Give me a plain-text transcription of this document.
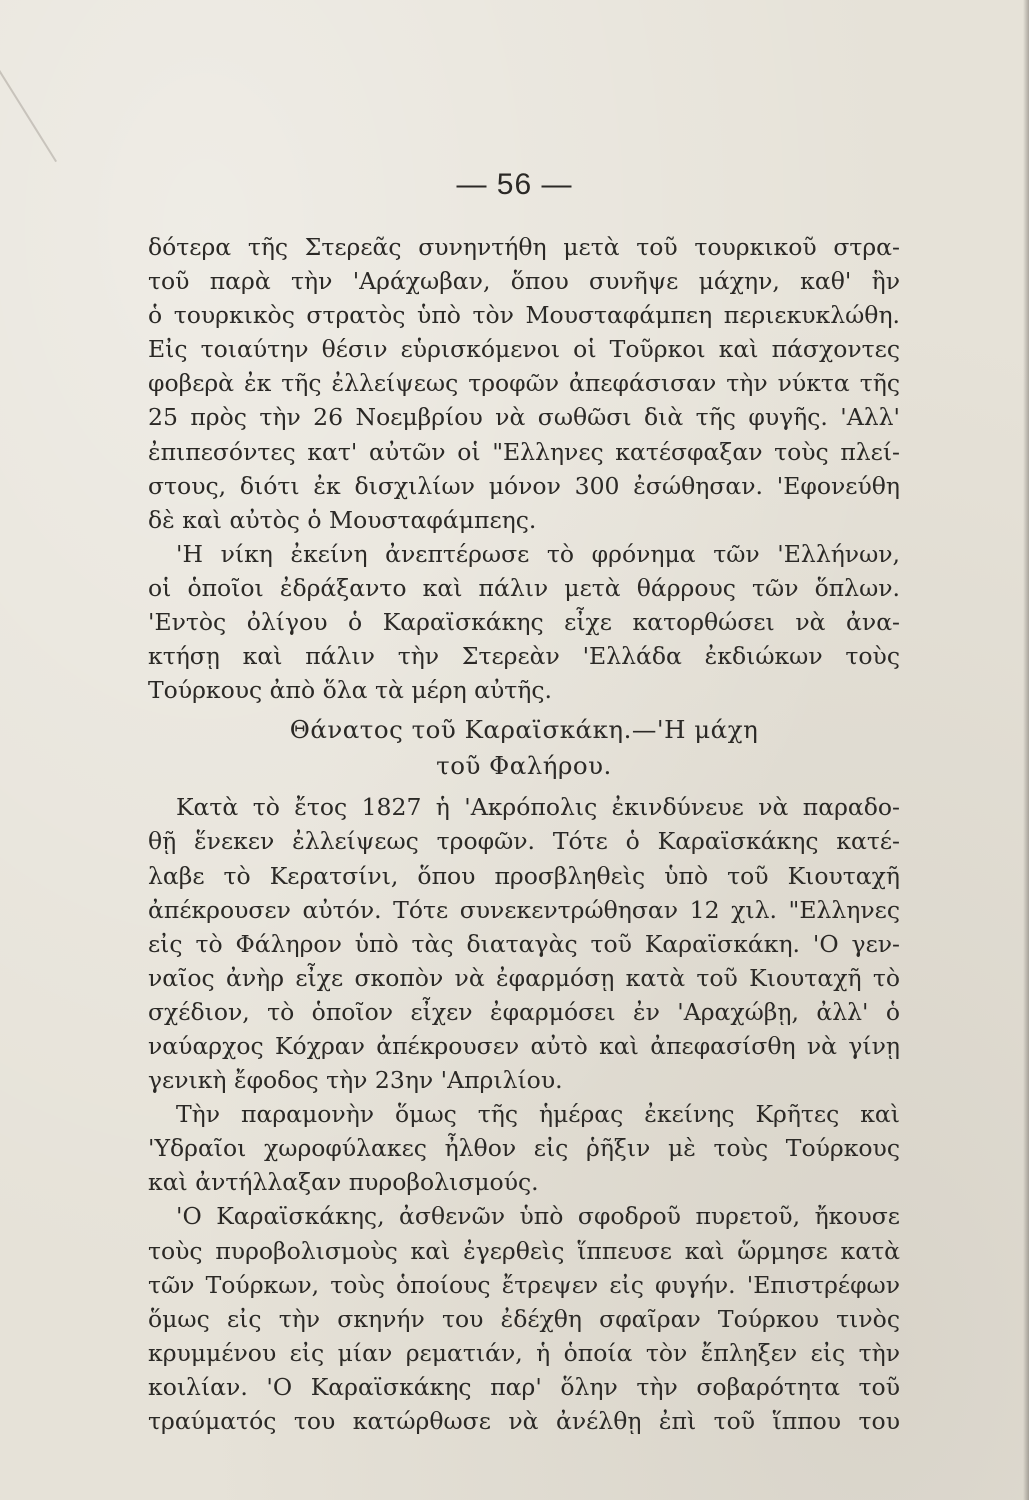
— 56 —
δότερα τῆς Στερεᾶς συνηντήθη μετὰ τοῦ τουρκικοῦ στρα-
τοῦ παρὰ τὴν 'Αράχωβαν, ὅπου συνῆψε μάχην, καθ' ἣν
ὁ τουρκικὸς στρατὸς ὑπὸ τὸν Μουσταφάμπεη περιεκυκλώθη.
Εἰς τοιαύτην θέσιν εὑρισκόμενοι οἱ Τοῦρκοι καὶ πάσχοντες
φοβερὰ ἐκ τῆς ἐλλείψεως τροφῶν ἀπεφάσισαν τὴν νύκτα τῆς
25 πρὸς τὴν 26 Νοεμβρίου νὰ σωθῶσι διὰ τῆς φυγῆς. 'Αλλ'
ἐπιπεσόντες κατ' αὐτῶν οἱ "Ελληνες κατέσφαξαν τοὺς πλεί-
στους, διότι ἐκ δισχιλίων μόνον 300 ἐσώθησαν. 'Εφονεύθη
δὲ καὶ αὐτὸς ὁ Μουσταφάμπεης.
'Η νίκη ἐκείνη ἀνεπτέρωσε τὸ φρόνημα τῶν 'Ελλήνων,
οἱ ὁποῖοι ἐδράξαντο καὶ πάλιν μετὰ θάρρους τῶν ὅπλων.
'Εντὸς ὀλίγου ὁ Καραϊσκάκης εἶχε κατορθώσει νὰ ἀνα-
κτήσῃ καὶ πάλιν τὴν Στερεὰν 'Ελλάδα ἐκδιώκων τοὺς
Τούρκους ἀπὸ ὅλα τὰ μέρη αὐτῆς.
Θάνατος τοῦ Καραϊσκάκη.—'Η μάχη
τοῦ Φαλήρου.
Κατὰ τὸ ἔτος 1827 ἡ 'Ακρόπολις ἐκινδύνευε νὰ παραδο-
θῇ ἕνεκεν ἐλλείψεως τροφῶν. Τότε ὁ Καραϊσκάκης κατέ-
λαβε τὸ Κερατσίνι, ὅπου προσβληθεὶς ὑπὸ τοῦ Κιουταχῆ
ἀπέκρουσεν αὐτόν. Τότε συνεκεντρώθησαν 12 χιλ. "Ελληνες
εἰς τὸ Φάληρον ὑπὸ τὰς διαταγὰς τοῦ Καραϊσκάκη. 'Ο γεν-
ναῖος ἀνὴρ εἶχε σκοπὸν νὰ ἐφαρμόσῃ κατὰ τοῦ Κιουταχῆ τὸ
σχέδιον, τὸ ὁποῖον εἶχεν ἐφαρμόσει ἐν 'Αραχώβῃ, ἀλλ' ὁ
ναύαρχος Κόχραν ἀπέκρουσεν αὐτὸ καὶ ἀπεφασίσθη νὰ γίνῃ
γενικὴ ἔφοδος τὴν 23ην 'Απριλίου.
Τὴν παραμονὴν ὅμως τῆς ἡμέρας ἐκείνης Κρῆτες καὶ
'Υδραῖοι χωροφύλακες ἦλθον εἰς ῥῆξιν μὲ τοὺς Τούρκους
καὶ ἀντήλλαξαν πυροβολισμούς.
'Ο Καραϊσκάκης, ἀσθενῶν ὑπὸ σφοδροῦ πυρετοῦ, ἤκουσε
τοὺς πυροβολισμοὺς καὶ ἐγερθεὶς ἵππευσε καὶ ὥρμησε κατὰ
τῶν Τούρκων, τοὺς ὁποίους ἔτρεψεν εἰς φυγήν. 'Επιστρέφων
ὅμως εἰς τὴν σκηνήν του ἐδέχθη σφαῖραν Τούρκου τινὸς
κρυμμένου εἰς μίαν ρεματιάν, ἡ ὁποία τὸν ἔπληξεν εἰς τὴν
κοιλίαν. 'Ο Καραϊσκάκης παρ' ὅλην τὴν σοβαρότητα τοῦ
τραύματός του κατώρθωσε νὰ ἀνέλθῃ ἐπὶ τοῦ ἵππου του
